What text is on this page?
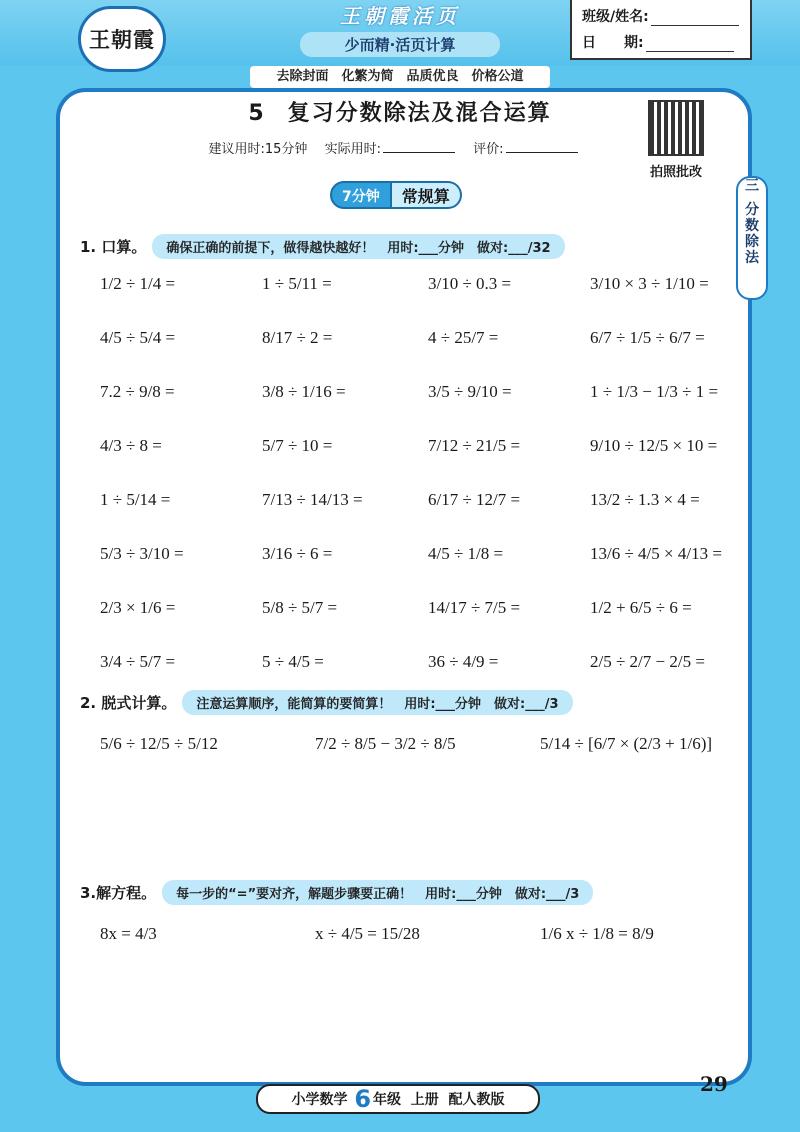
王朝霞
王朝霞活页
少而精·活页计算
班级/姓名:
日　　期:
去除封面　化繁为简　品质优良　价格公道
三
分
数
除
法
5 复习分数除法及混合运算
建议用时:15分钟　 实际用时:	评价:
拍照批改
7分钟	常规算
1. 口算。	确保正确的前提下，做得越快越好！　用时:___分钟　做对:___/32
1/2 ÷ 1/4 =	1 ÷ 5/11 =	3/10 ÷ 0.3 =	3/10 × 3 ÷ 1/10 =
4/5 ÷ 5/4 =	8/17 ÷ 2 =	4 ÷ 25/7 =	6/7 ÷ 1/5 ÷ 6/7 =
7.2 ÷ 9/8 =	3/8 ÷ 1/16 =	3/5 ÷ 9/10 =	1 ÷ 1/3 − 1/3 ÷ 1 =
4/3 ÷ 8 =	5/7 ÷ 10 =	7/12 ÷ 21/5 =	9/10 ÷ 12/5 × 10 =
1 ÷ 5/14 =	7/13 ÷ 14/13 =	6/17 ÷ 12/7 =	13/2 ÷ 1.3 × 4 =
5/3 ÷ 3/10 =	3/16 ÷ 6 =	4/5 ÷ 1/8 =	13/6 ÷ 4/5 × 4/13 =
2/3 × 1/6 =	5/8 ÷ 5/7 =	14/17 ÷ 7/5 =	1/2 + 6/5 ÷ 6 =
3/4 ÷ 5/7 =	5 ÷ 4/5 =	36 ÷ 4/9 =	2/5 ÷ 2/7 − 2/5 =
2. 脱式计算。	注意运算顺序，能简算的要简算！　用时:___分钟　做对:___/3
5/6 ÷ 12/5 ÷ 5/12	7/2 ÷ 8/5 − 3/2 ÷ 8/5	5/14 ÷ [6/7 × (2/3 + 1/6)]
3.解方程。	每一步的“=”要对齐，解题步骤要正确！　用时:___分钟　做对:___/3
8x = 4/3	x ÷ 4/5 = 15/28	1/6 x ÷ 1/8 = 8/9
29
小学数学
6 年级
上册
配人教版
